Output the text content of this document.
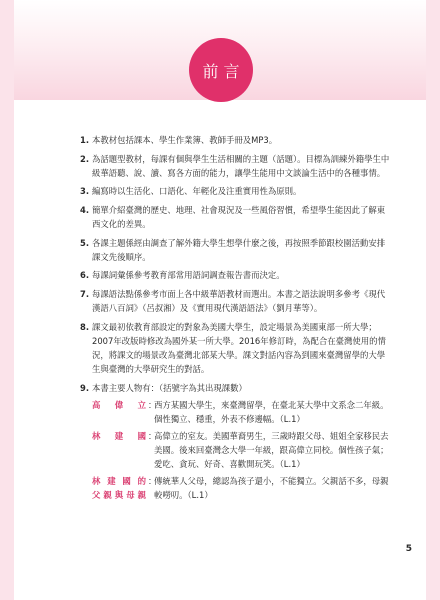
前言
1. 本教材包括課本、學生作業簿、教師手冊及MP3。
2. 為話題型教材，每課有個與學生生活相關的主題（話題）。目標為訓練外籍學生中級華語聽、說、讀、寫各方面的能力，讓學生能用中文談論生活中的各種事情。
3. 編寫時以生活化、口語化、年輕化及注重實用性為原則。
4. 簡單介紹臺灣的歷史、地理、社會現況及一些風俗習慣，希望學生能因此了解東西文化的差異。
5. 各課主題係經由調查了解外籍大學生想學什麼之後，再按照季節跟校園活動安排課文先後順序。
6. 每課詞彙係參考教育部常用語詞調查報告書而決定。
7. 每課語法點係參考市面上各中級華語教材而選出。本書之語法說明多參考《現代漢語八百詞》（呂叔湘）及《實用現代漢語語法》（劉月華等）。
8. 課文最初依教育部設定的對象為美國大學生，設定場景為美國東部一所大學；2007年改版時修改為國外某一所大學。2016年修訂時，為配合在臺灣使用的情況，將課文的場景改為臺灣北部某大學。課文對話內容為到國來臺灣留學的大學生與臺灣的大學研究生的對話。
9. 本書主要人物有：（括號字為其出現課數）
高偉立 ：
西方某國大學生，來臺灣留學，在臺北某大學中文系念二年級。個性獨立、穩重，外表不修邊幅。（L.1）
林建國 ：
高偉立的室友。美國華裔男生，三歲時跟父母、姐姐全家移民去美國。後來回臺灣念大學一年級，跟高偉立同校。個性孩子氣；愛吃、貪玩、好奇、喜歡開玩笑。（L.1）
林建國的
父親與母親
：
傳統華人父母，總認為孩子還小，不能獨立。父親話不多，母親較嘮叨。（L.1）
5
